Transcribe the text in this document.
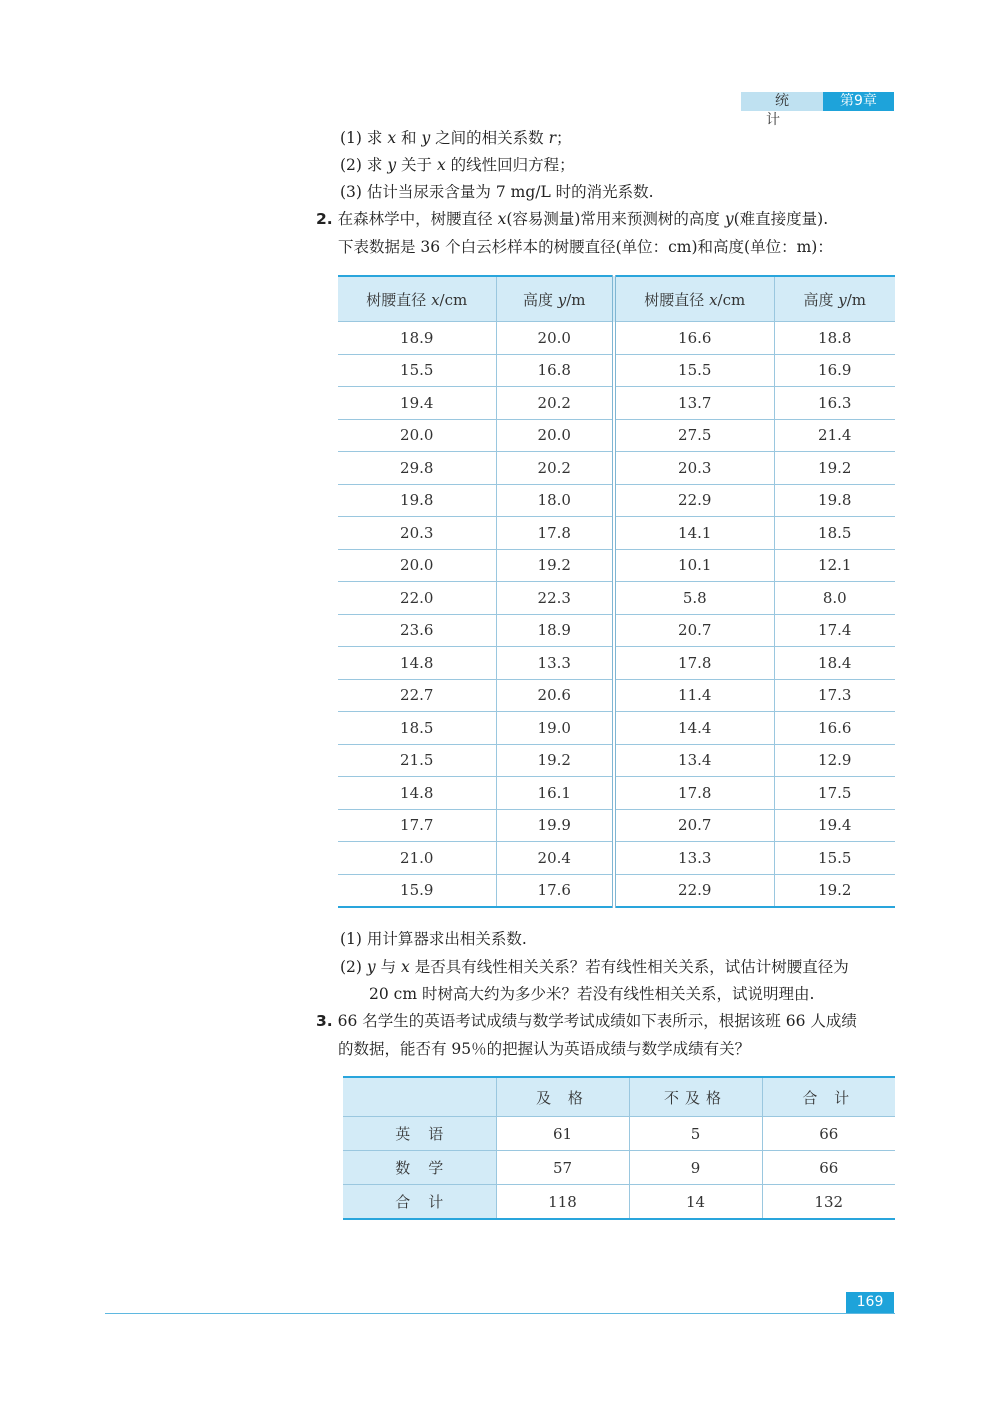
统 计
第9章
(1) 求 x 和 y 之间的相关系数 r；
(2) 求 y 关于 x 的线性回归方程；
(3) 估计当尿汞含量为 7 mg/L 时的消光系数.
2. 在森林学中，树腰直径 x(容易测量)常用来预测树的高度 y(难直接度量).
下表数据是 36 个白云杉样本的树腰直径(单位：cm)和高度(单位：m)：
树腰直径 x/cm	高度 y/m	树腰直径 x/cm	高度 y/m
18.9	20.0	16.6	18.8
15.5	16.8	15.5	16.9
19.4	20.2	13.7	16.3
20.0	20.0	27.5	21.4
29.8	20.2	20.3	19.2
19.8	18.0	22.9	19.8
20.3	17.8	14.1	18.5
20.0	19.2	10.1	12.1
22.0	22.3	5.8	8.0
23.6	18.9	20.7	17.4
14.8	13.3	17.8	18.4
22.7	20.6	11.4	17.3
18.5	19.0	14.4	16.6
21.5	19.2	13.4	12.9
14.8	16.1	17.8	17.5
17.7	19.9	20.7	19.4
21.0	20.4	13.3	15.5
15.9	17.6	22.9	19.2
(1) 用计算器求出相关系数.
(2) y 与 x 是否具有线性相关关系？若有线性相关关系，试估计树腰直径为
20 cm 时树高大约为多少米？若没有线性相关关系，试说明理由.
3. 66 名学生的英语考试成绩与数学考试成绩如下表所示，根据该班 66 人成绩
的数据，能否有 95％的把握认为英语成绩与数学成绩有关？
	及 格	不及格	合 计
英语	61	5	66
数学	57	9	66
合计	118	14	132
169
